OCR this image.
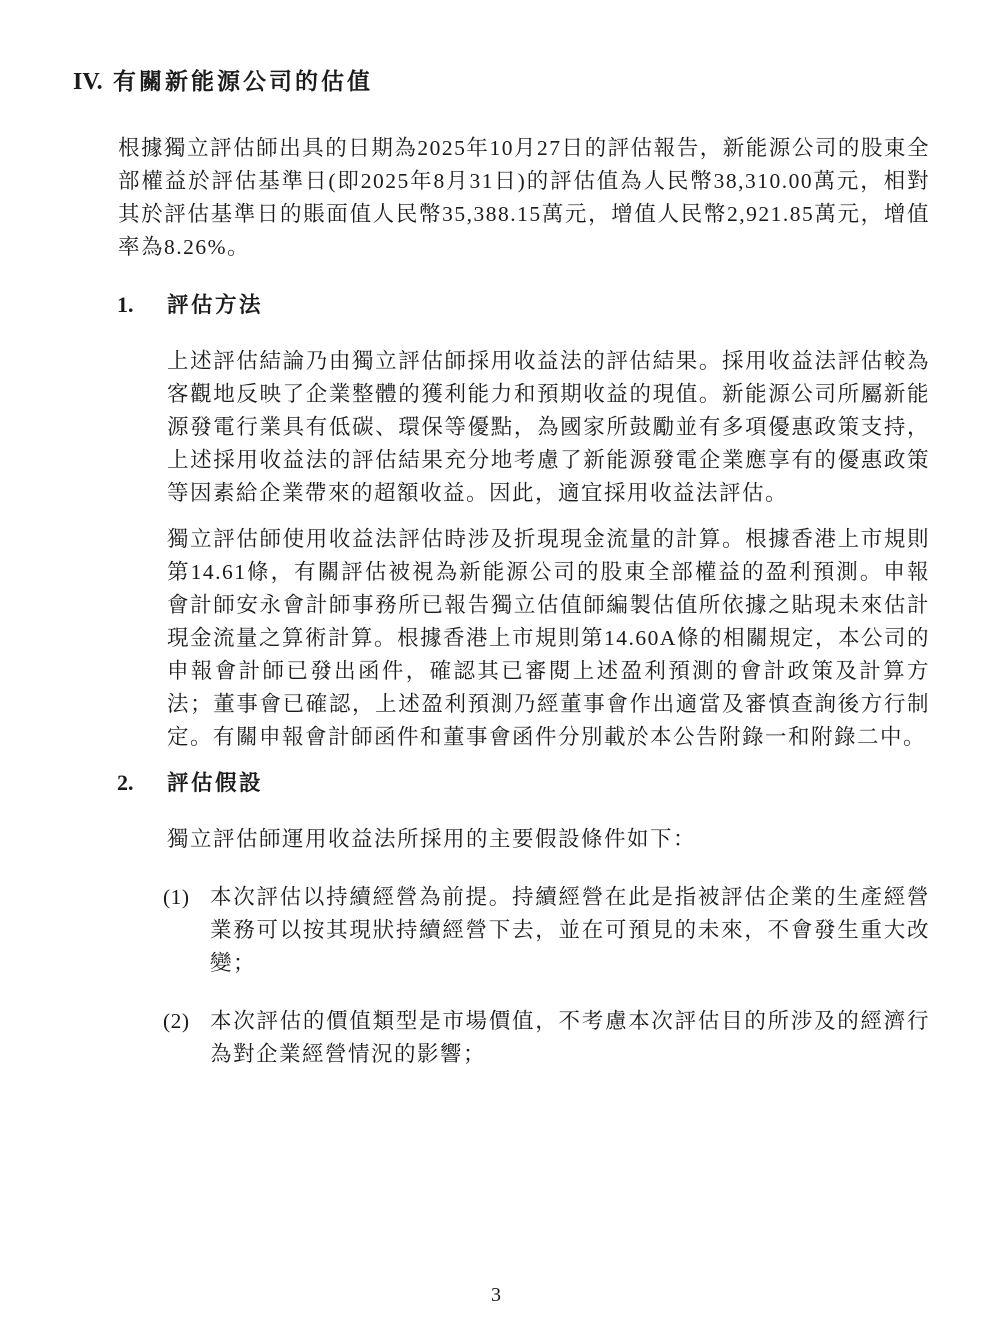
IV. 有關新能源公司的估值

根據獨立評估師出具的日期為2025年10月27日的評估報告，新能源公司的股東全部權益於評估基準日(即2025年8月31日)的評估值為人民幣38,310.00萬元，相對其於評估基準日的賬面值人民幣35,388.15萬元，增值人民幣2,921.85萬元，增值率為8.26%。

1.	評估方法

上述評估結論乃由獨立評估師採用收益法的評估結果。採用收益法評估較為客觀地反映了企業整體的獲利能力和預期收益的現值。新能源公司所屬新能源發電行業具有低碳、環保等優點，為國家所鼓勵並有多項優惠政策支持，上述採用收益法的評估結果充分地考慮了新能源發電企業應享有的優惠政策等因素給企業帶來的超額收益。因此，適宜採用收益法評估。

獨立評估師使用收益法評估時涉及折現現金流量的計算。根據香港上市規則第14.61條，有關評估被視為新能源公司的股東全部權益的盈利預測。申報會計師安永會計師事務所已報告獨立估值師編製估值所依據之貼現未來估計現金流量之算術計算。根據香港上市規則第14.60A條的相關規定，本公司的申報會計師已發出函件，確認其已審閱上述盈利預測的會計政策及計算方法；董事會已確認，上述盈利預測乃經董事會作出適當及審慎查詢後方行制定。有關申報會計師函件和董事會函件分別載於本公告附錄一和附錄二中。

2.	評估假設

獨立評估師運用收益法所採用的主要假設條件如下：

(1) 本次評估以持續經營為前提。持續經營在此是指被評估企業的生產經營業務可以按其現狀持續經營下去，並在可預見的未來，不會發生重大改變；
(2) 本次評估的價值類型是市場價值，不考慮本次評估目的所涉及的經濟行為對企業經營情況的影響；
3
